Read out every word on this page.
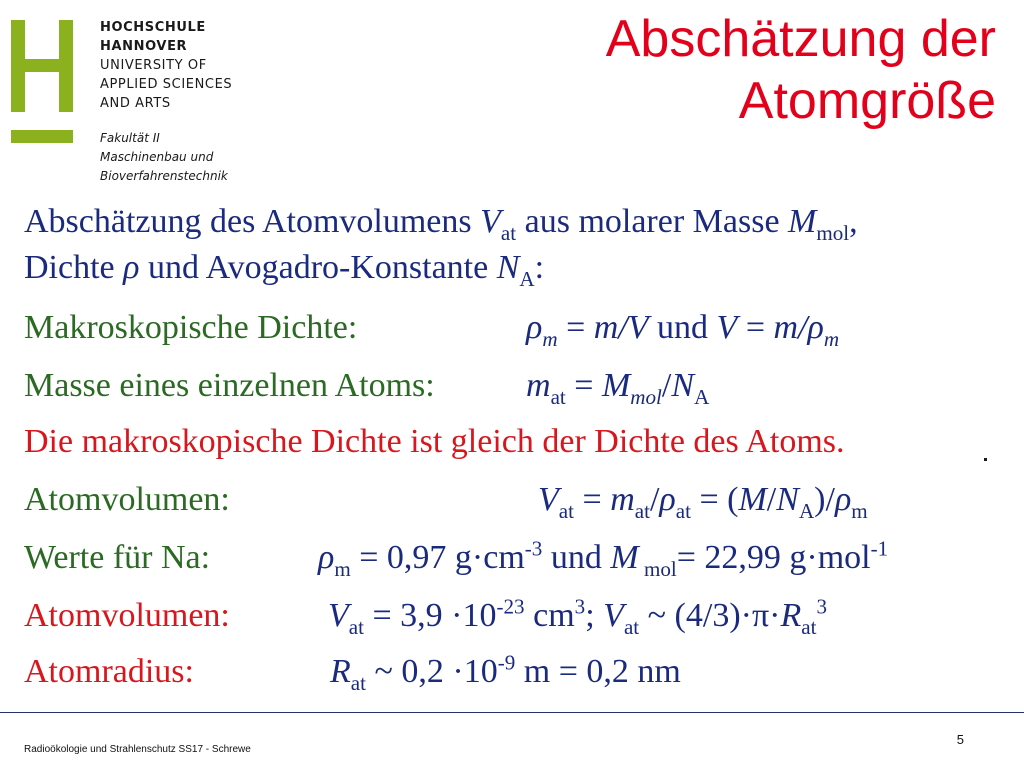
HOCHSCHULE
HANNOVER
UNIVERSITY OF
APPLIED SCIENCES
AND ARTS
Fakultät II
Maschinenbau und
Bioverfahrenstechnik
Abschätzung der
Atomgröße
Abschätzung des Atomvolumens $V_{at}$ aus molarer Masse $M_{mol}$,
Dichte ρ und Avogadro-Konstante $N_A$:
Makroskopische Dichte:	$\rho_m = m/V$ und $V = m/\rho_m$
Masse eines einzelnen Atoms:	$m_{at} = M_{mol}/N_A$
Die makroskopische Dichte ist gleich der Dichte des Atoms.
Atomvolumen:	$V_{at} = m_{at}/\rho_{at} = (M/N_A)/\rho_m$
Werte für Na:	$\rho_m = 0,97$ $g\cdot cm^{-3}$ und M $_{mol}$= 22,99 g·mol$^{-1}$
Atomvolumen:	$V_{at} = 3,9 \cdot 10^{-23}$ $cm^3$; $V_{at}$ ~ $(4/3)\cdot\pi\cdot R_{at}^3$
Atomradius:	$R_{at}$ ~ $0,2 \cdot 10^{-9}$ m = 0,2 nm
Radioökologie und Strahlenschutz SS17 - Schrewe
5
